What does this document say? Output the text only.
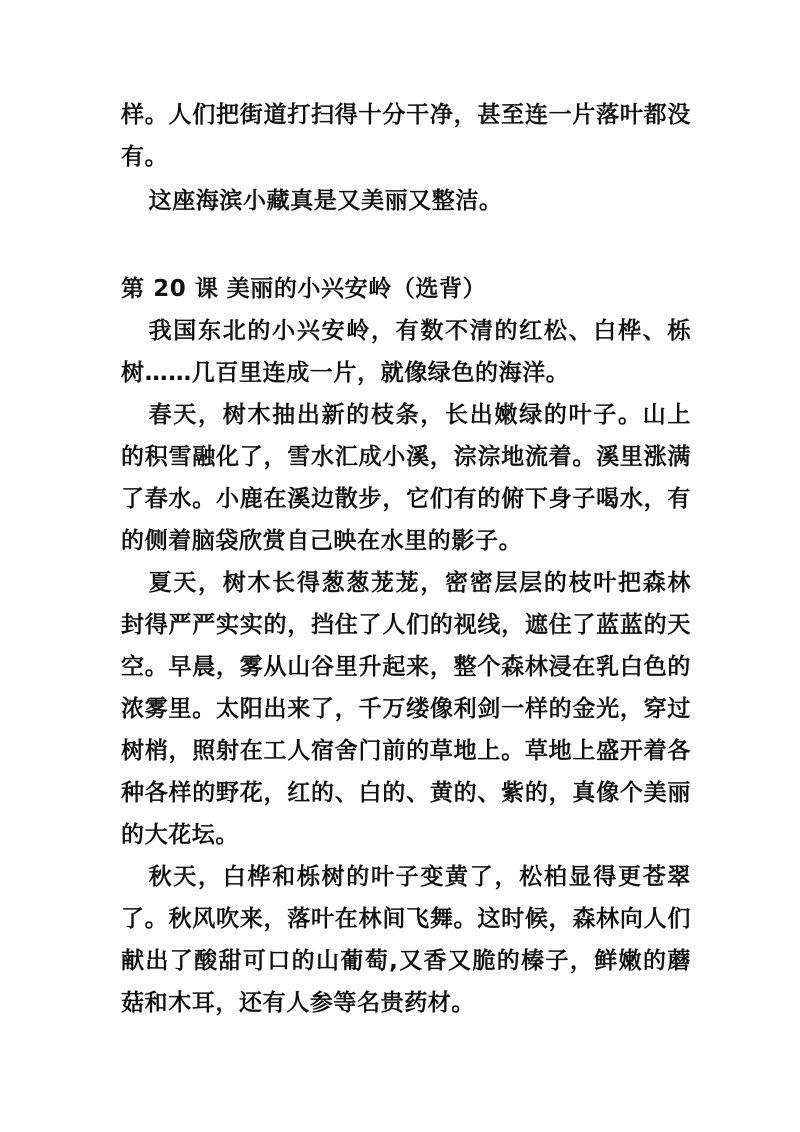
样。人们把街道打扫得十分干净，甚至连一片落叶都没有。

这座海滨小藏真是又美丽又整洁。

第 20 课 美丽的小兴安岭（选背）

我国东北的小兴安岭，有数不清的红松、白桦、栎树……几百里连成一片，就像绿色的海洋。

春天，树木抽出新的枝条，长出嫩绿的叶子。山上的积雪融化了，雪水汇成小溪，淙淙地流着。溪里涨满了春水。小鹿在溪边散步，它们有的俯下身子喝水，有的侧着脑袋欣赏自己映在水里的影子。

夏天，树木长得葱葱茏茏，密密层层的枝叶把森林封得严严实实的，挡住了人们的视线，遮住了蓝蓝的天空。早晨，雾从山谷里升起来，整个森林浸在乳白色的浓雾里。太阳出来了，千万缕像利剑一样的金光，穿过树梢，照射在工人宿舍门前的草地上。草地上盛开着各种各样的野花，红的、白的、黄的、紫的，真像个美丽的大花坛。

秋天，白桦和栎树的叶子变黄了，松柏显得更苍翠了。秋风吹来，落叶在林间飞舞。这时候，森林向人们献出了酸甜可口的山葡萄,又香又脆的榛子，鲜嫩的蘑菇和木耳，还有人参等名贵药材。
